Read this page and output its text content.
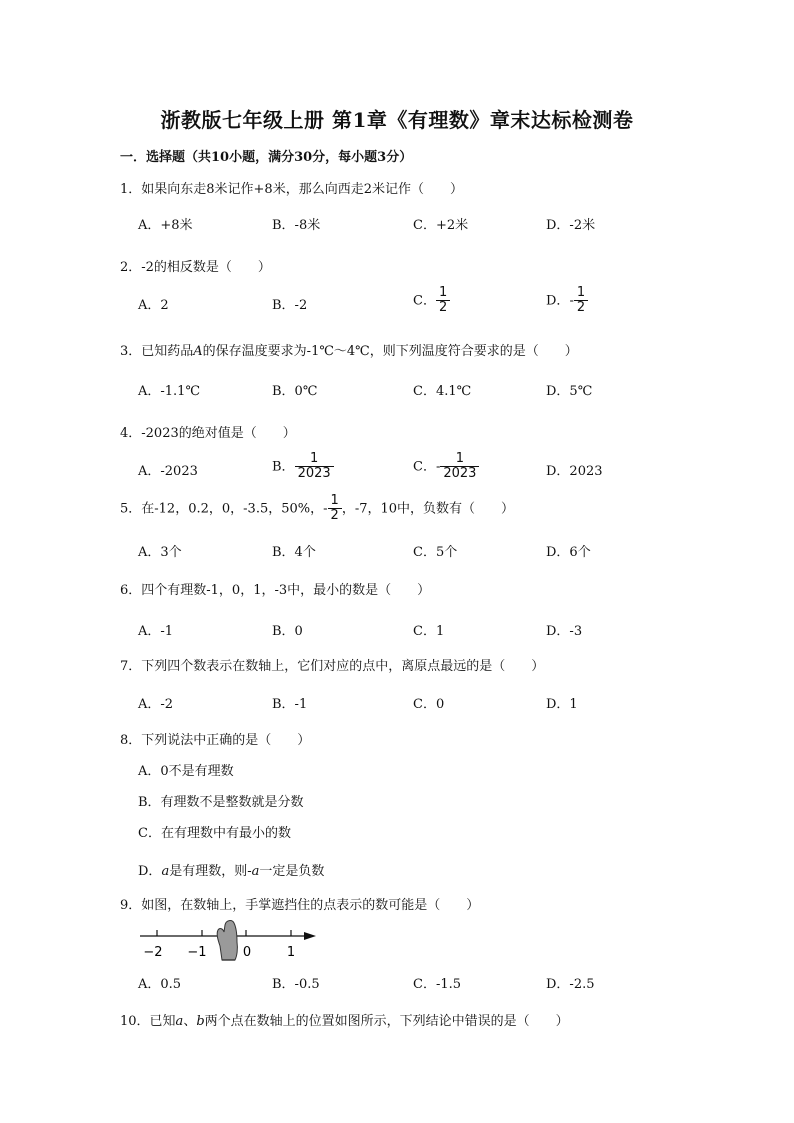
浙教版七年级上册 第1章《有理数》章末达标检测卷
一．选择题（共10小题，满分30分，每小题3分）
1．如果向东走8米记作+8米，那么向西走2米记作（　　）
A．+8米	B．-8米	C．+2米	D．-2米
2．-2的相反数是（　　）
A．2	B．-2	C． $\frac{1}{2}$	D．- $\frac{1}{2}$
3．已知药品A的保存温度要求为-1℃～4℃，则下列温度符合要求的是（　　）
A．-1.1℃	B．0℃	C．4.1℃	D．5℃
4．-2023的绝对值是（　　）
A．-2023	B． $\frac{1}{2023}$	C．- $\frac{1}{2023}$	D．2023
5．在-12，0.2，0，-3.5，50%，- $\frac{1}{2}$ ，-7，10中，负数有（　　）
A．3个	B．4个	C．5个	D．6个
6．四个有理数-1，0，1，-3中，最小的数是（　　）
A．-1	B．0	C．1	D．-3
7．下列四个数表示在数轴上，它们对应的点中，离原点最远的是（　　）
A．-2	B．-1	C．0	D．1
8．下列说法中正确的是（　　）
A．0不是有理数
B．有理数不是整数就是分数
C．在有理数中有最小的数
D．a是有理数，则-a一定是负数
9．如图，在数轴上，手掌遮挡住的点表示的数可能是（　　）
−2 −1	0	1
A．0.5	B．-0.5	C．-1.5	D．-2.5
10．已知a、b两个点在数轴上的位置如图所示，下列结论中错误的是（　　）
